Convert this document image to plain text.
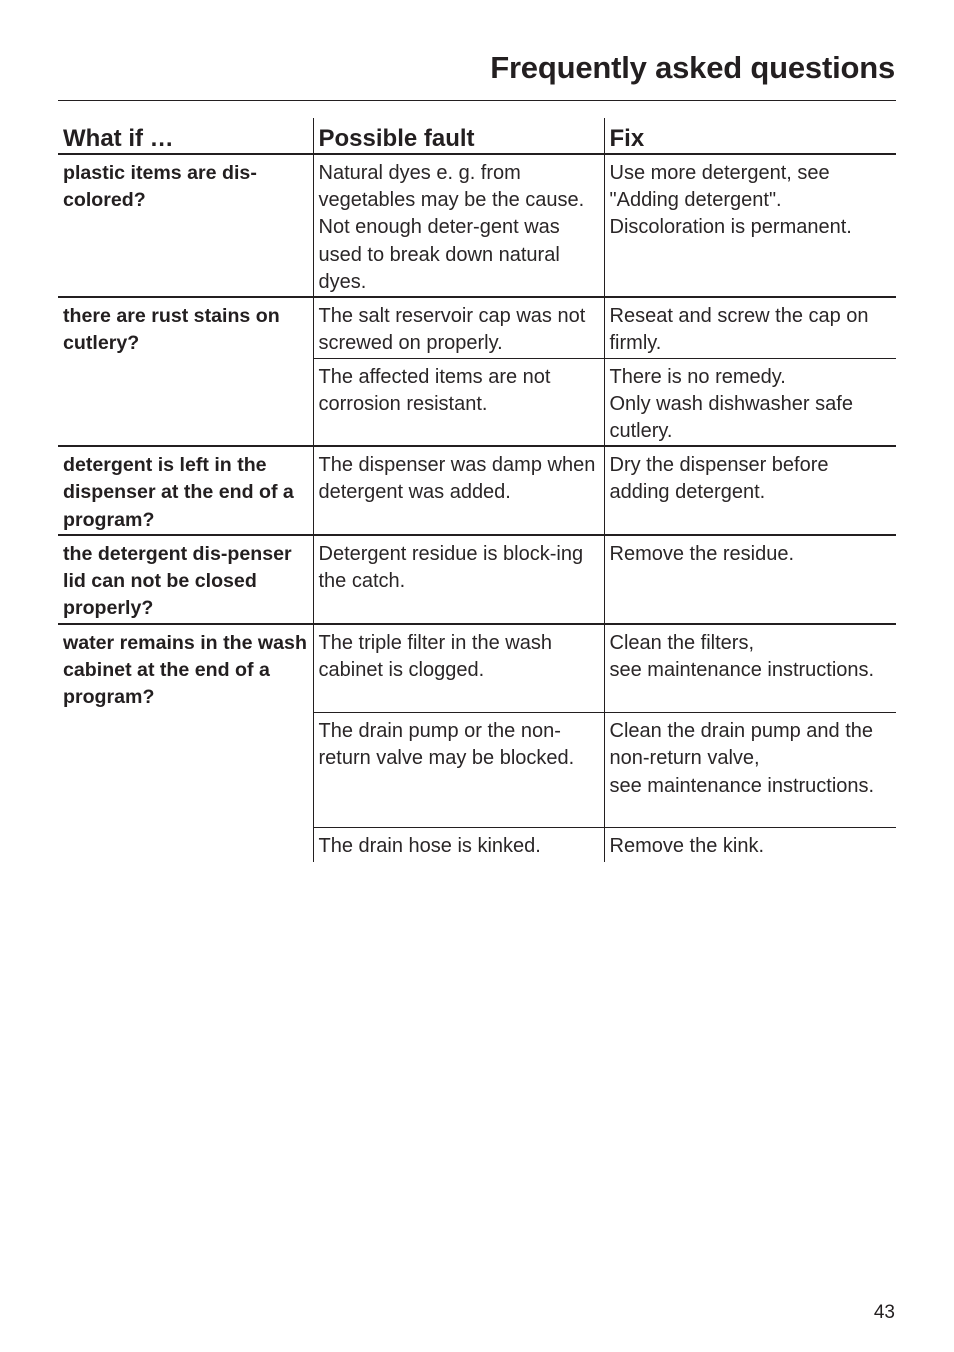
Frequently asked questions
What if …	Possible fault	Fix
plastic items are dis-colored?	Natural dyes e. g. from vegetables may be the cause. Not enough deter-gent was used to break down natural dyes.	Use more detergent, see "Adding detergent".
Discoloration is permanent.

there are rust stains on cutlery?	The salt reservoir cap was not screwed on properly.	Reseat and screw the cap on firmly.

	The affected items are not corrosion resistant.	There is no remedy.
Only wash dishwasher safe cutlery.

detergent is left in the dispenser at the end of a program?	The dispenser was damp when detergent was added.	Dry the dispenser before adding detergent.

the detergent dis-penser lid can not be closed properly?	Detergent residue is block-ing the catch.	Remove the residue.

water remains in the wash cabinet at the end of a program?	The triple filter in the wash cabinet is clogged.	Clean the filters,
see maintenance instructions.

	The drain pump or the non-return valve may be blocked.	Clean the drain pump and the non-return valve,
see maintenance instructions.

	The drain hose is kinked.	Remove the kink.
43
